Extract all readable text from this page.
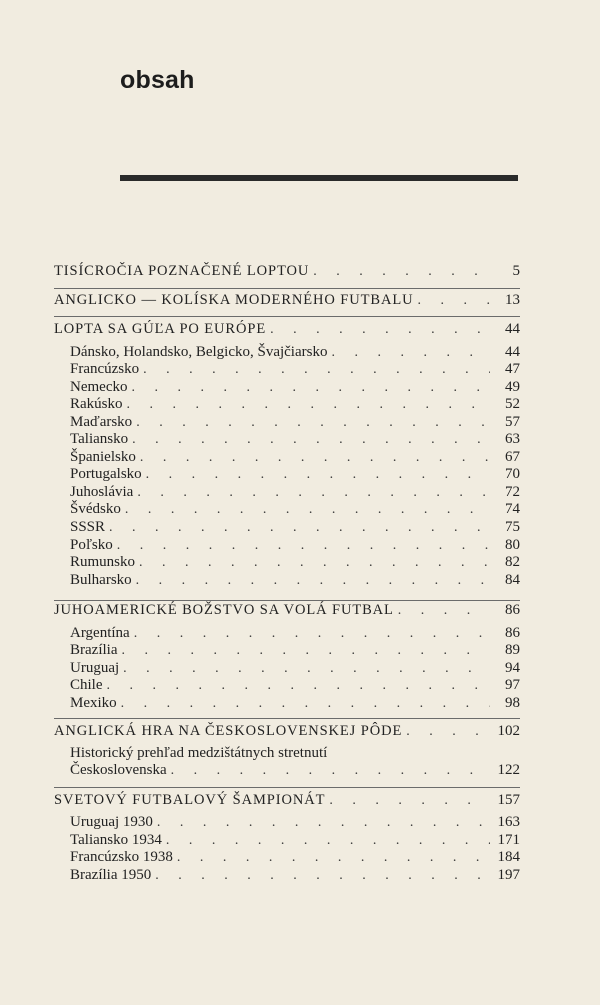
obsah
TISÍCROČIA POZNAČENÉ LOPTOU . . .	5
ANGLICKO — KOLÍSKA MODERNÉHO FUTBALU . . .	13
LOPTA SA GÚĽA PO EURÓPE . . .	44
Dánsko, Holandsko, Belgicko, Švajčiarsko . . .	44
Francúzsko . . .	47
Nemecko . . .	49
Rakúsko . . .	52
Maďarsko . . .	57
Taliansko . . .	63
Španielsko . . .	67
Portugalsko . . .	70
Juhoslávia . . .	72
Švédsko . . .	74
SSSR . . .	75
Poľsko . . .	80
Rumunsko . . .	82
Bulharsko . . .	84
JUHOAMERICKÉ BOŽSTVO SA VOLÁ FUTBAL . . .	86
Argentína . . .	86
Brazília . . .	89
Uruguaj . . .	94
Chile . . .	97
Mexiko . . .	98
ANGLICKÁ HRA NA ČESKOSLOVENSKEJ PÔDE . . .	102
Historický prehľad medzištátnych stretnutí
Československa . . .	122
SVETOVÝ FUTBALOVÝ ŠAMPIONÁT . . .	157
Uruguaj 1930 . . .	163
Taliansko 1934 . . .	171
Francúzsko 1938 . . .	184
Brazília 1950 . . .	197
